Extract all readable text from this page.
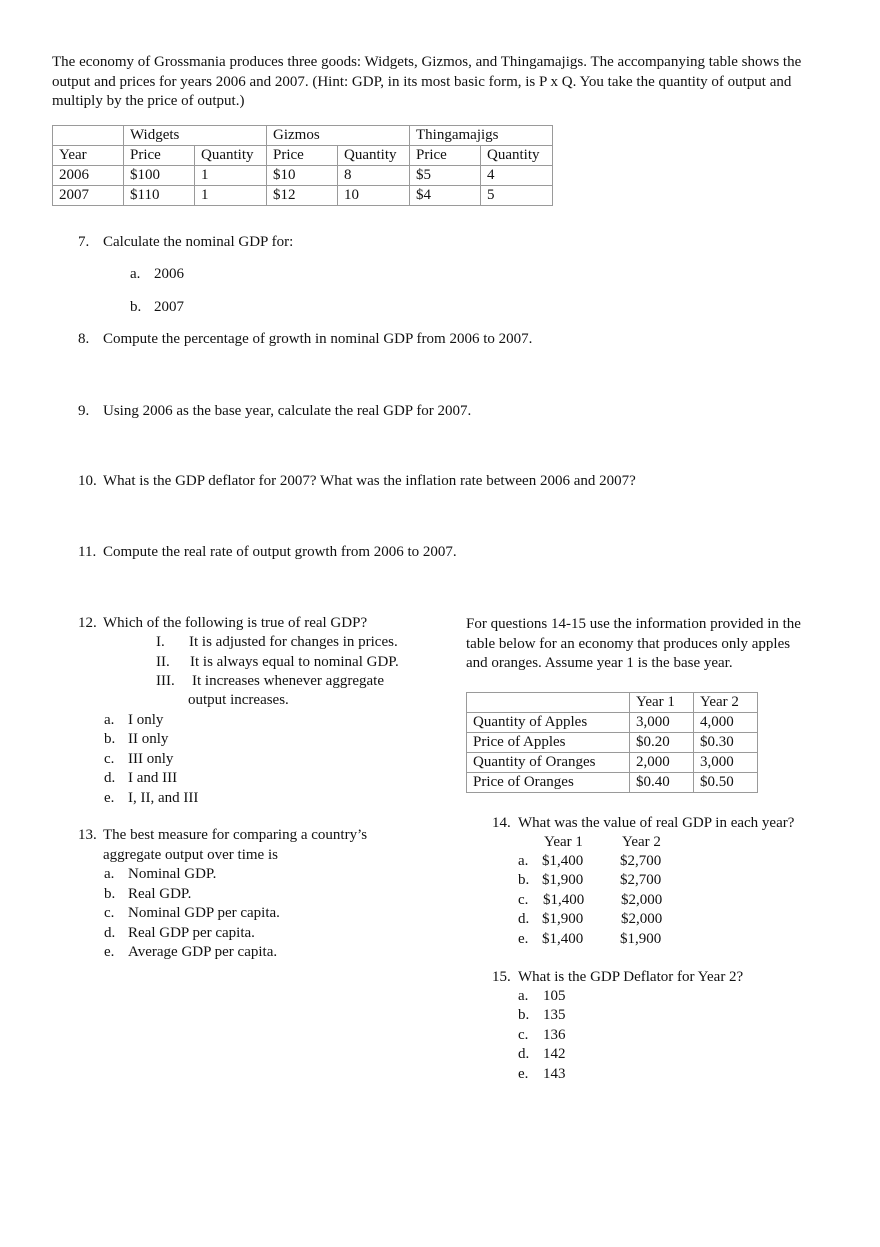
The economy of Grossmania produces three goods: Widgets, Gizmos, and Thingamajigs. The accompanying table shows the output and prices for years 2006 and 2007. (Hint: GDP, in its most basic form, is P x Q. You take the quantity of output and multiply by the price of output.)
	Widgets		Gizmos		Thingamajigs	
Year	Price	Quantity	Price	Quantity	Price	Quantity
2006	$100	1	$10	8	$5	4
2007	$110	1	$12	10	$4	5
7. Calculate the nominal GDP for:
a. 2006
b. 2007
8. Compute the percentage of growth in nominal GDP from 2006 to 2007.
9. Using 2006 as the base year, calculate the real GDP for 2007.
10. What is the GDP deflator for 2007? What was the inflation rate between 2006 and 2007?
11. Compute the real rate of output growth from 2006 to 2007.
12. Which of the following is true of real GDP?
I. It is adjusted for changes in prices.
II. It is always equal to nominal GDP.
III. It increases whenever aggregate
output increases.
a. I only
b. II only
c. III only
d. I and III
e. I, II, and III
13. The best measure for comparing a country’s
aggregate output over time is
a. Nominal GDP.
b. Real GDP.
c. Nominal GDP per capita.
d. Real GDP per capita.
e. Average GDP per capita.
For questions 14-15 use the information provided in the
table below for an economy that produces only apples
and oranges. Assume year 1 is the base year.
	Year 1	Year 2
Quantity of Apples	3,000	4,000
Price of Apples	$0.20	$0.30
Quantity of Oranges	2,000	3,000
Price of Oranges	$0.40	$0.50
14. What was the value of real GDP in each year?
Year 1	Year 2
a. $1,400 $2,700
b. $1,900 $2,700
c. $1,400 $2,000
d. $1,900	$2,000
e. $1,400 $1,900
15. What is the GDP Deflator for Year 2?
a. 105
b. 135
c. 136
d. 142
e. 143
